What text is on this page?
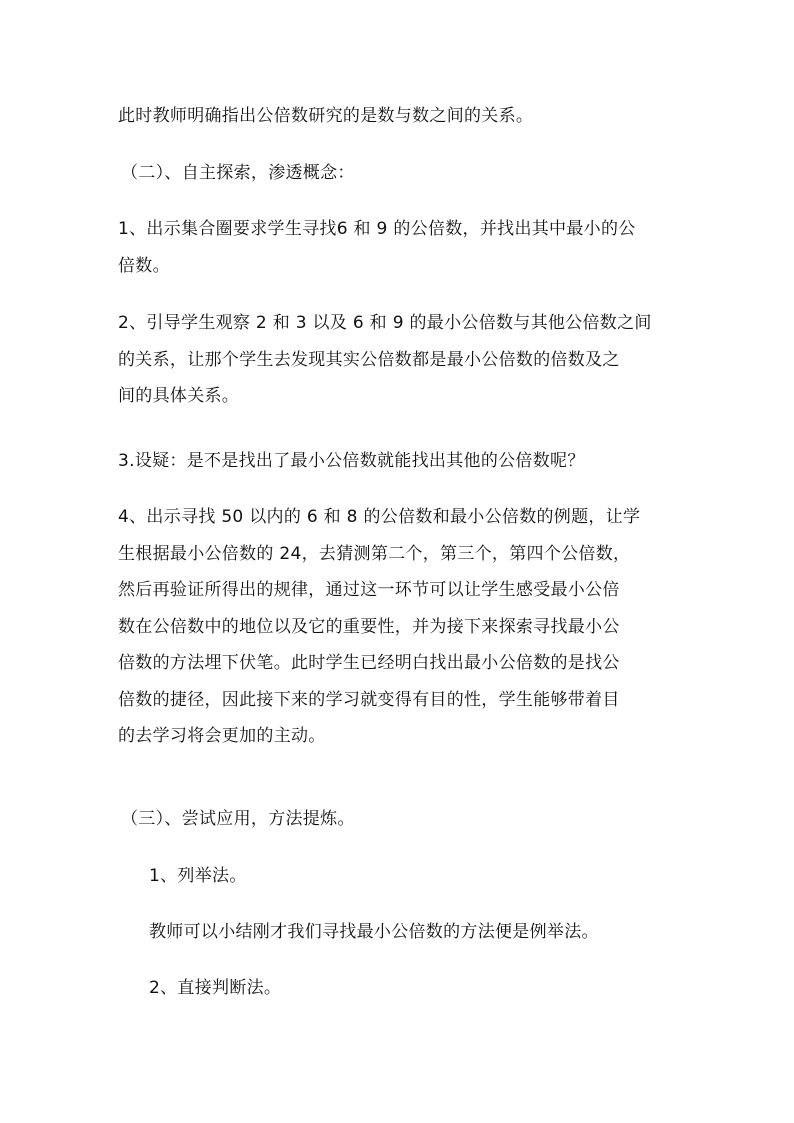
此时教师明确指出公倍数研究的是数与数之间的关系。

（二）、自主探索，渗透概念：

1、出示集合圈要求学生寻找6 和 9 的公倍数，并找出其中最小的公
倍数。

2、引导学生观察 2 和 3 以及 6 和 9 的最小公倍数与其他公倍数之间
的关系，让那个学生去发现其实公倍数都是最小公倍数的倍数及之
间的具体关系。

3.设疑：是不是找出了最小公倍数就能找出其他的公倍数呢？

4、出示寻找 50 以内的 6 和 8 的公倍数和最小公倍数的例题，让学
生根据最小公倍数的 24，去猜测第二个，第三个，第四个公倍数，
然后再验证所得出的规律，通过这一环节可以让学生感受最小公倍
数在公倍数中的地位以及它的重要性，并为接下来探索寻找最小公
倍数的方法埋下伏笔。此时学生已经明白找出最小公倍数的是找公
倍数的捷径，因此接下来的学习就变得有目的性，学生能够带着目
的去学习将会更加的主动。

（三）、尝试应用，方法提炼。

1、列举法。

教师可以小结刚才我们寻找最小公倍数的方法便是例举法。

2、直接判断法。
